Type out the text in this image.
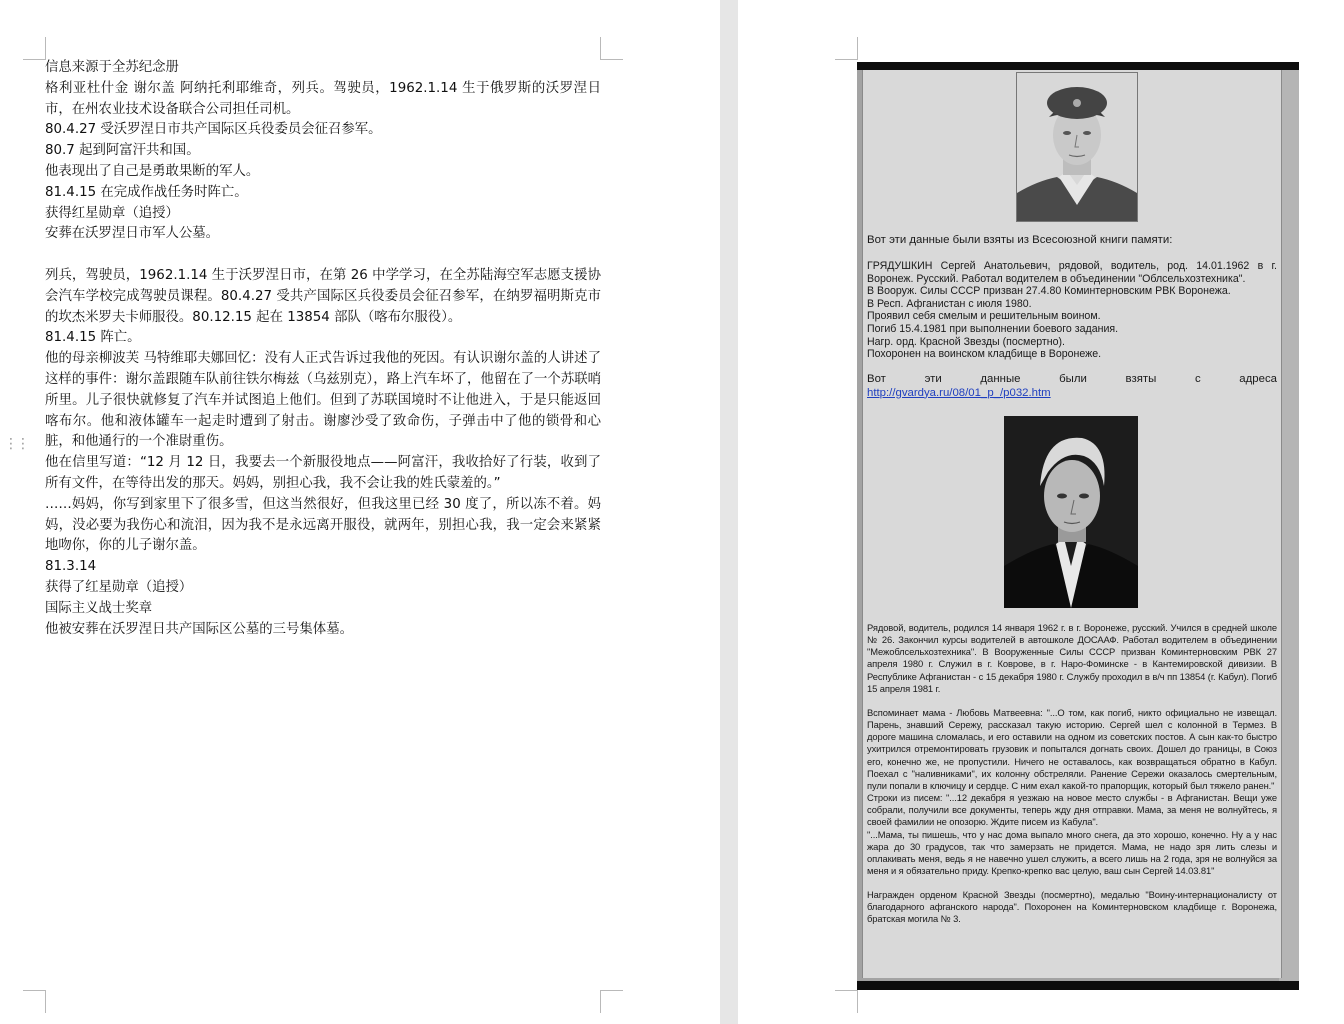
⋮⋮

信息来源于全苏纪念册

格利亚杜什金 谢尔盖 阿纳托利耶维奇，列兵。驾驶员，1962.1.14 生于俄罗斯的沃罗涅日市，在州农业技术设备联合公司担任司机。

80.4.27 受沃罗涅日市共产国际区兵役委员会征召参军。

80.7 起到阿富汗共和国。

他表现出了自己是勇敢果断的军人。

81.4.15 在完成作战任务时阵亡。

获得红星勋章（追授）

安葬在沃罗涅日市军人公墓。

列兵，驾驶员，1962.1.14 生于沃罗涅日市，在第 26 中学学习，在全苏陆海空军志愿支援协会汽车学校完成驾驶员课程。80.4.27 受共产国际区兵役委员会征召参军，在纳罗福明斯克市的坎杰米罗夫卡师服役。80.12.15 起在 13854 部队（喀布尔服役）。

81.4.15 阵亡。

他的母亲柳波芙 马特维耶夫娜回忆：没有人正式告诉过我他的死因。有认识谢尔盖的人讲述了这样的事件：谢尔盖跟随车队前往铁尔梅兹（乌兹别克），路上汽车坏了，他留在了一个苏联哨所里。儿子很快就修复了汽车并试图追上他们。但到了苏联国境时不让他进入，于是只能返回喀布尔。他和液体罐车一起走时遭到了射击。谢廖沙受了致命伤，子弹击中了他的锁骨和心脏，和他通行的一个准尉重伤。

他在信里写道：“12 月 12 日，我要去一个新服役地点——阿富汗，我收拾好了行装，收到了所有文件，在等待出发的那天。妈妈，别担心我，我不会让我的姓氏蒙羞的。”

……妈妈，你写到家里下了很多雪，但这当然很好，但我这里已经 30 度了，所以冻不着。妈妈，没必要为我伤心和流泪，因为我不是永远离开服役，就两年，别担心我，我一定会来紧紧地吻你，你的儿子谢尔盖。

81.3.14

获得了红星勋章（追授）

国际主义战士奖章

他被安葬在沃罗涅日共产国际区公墓的三号集体墓。

Вот эти данные были взяты из Всесоюзной книги памяти:

ГРЯДУШКИН Сергей Анатольевич, рядовой, водитель, род. 14.01.1962 в г. Воронеж. Русский. Работал водителем в объединении "Облсельхозтехника".

В Вооруж. Силы СССР призван 27.4.80 Коминтерновским РВК Воронежа.

В Респ. Афганистан с июля 1980.

Проявил себя смелым и решительным воином.

Погиб 15.4.1981 при выполнении боевого задания.

Нагр. орд. Красной Звезды (посмертно).

Похоронен на воинском кладбище в Воронеже.

Вот эти данные были взяты с адреса

http://gvardya.ru/08/01_p_/p032.htm

Рядовой, водитель, родился 14 января 1962 г. в г. Воронеже, русский. Учился в средней школе № 26. Закончил курсы водителей в автошколе ДОСААФ. Работал водителем в объединении "Межоблсельхозтехника". В Вооруженные Силы СССР призван Коминтерновским РВК 27 апреля 1980 г. Служил в г. Коврове, в г. Наро-Фоминске - в Кантемировской дивизии. В Республике Афганистан - с 15 декабря 1980 г. Службу проходил в в/ч пп 13854 (г. Кабул). Погиб 15 апреля 1981 г.

Вспоминает мама - Любовь Матвеевна: "...О том, как погиб, никто официально не извещал. Парень, знавший Сережу, рассказал такую историю. Сергей шел с колонной в Термез. В дороге машина сломалась, и его оставили на одном из советских постов. А сын как-то быстро ухитрился отремонтировать грузовик и попытался догнать своих. Дошел до границы, в Союз его, конечно же, не пропустили. Ничего не оставалось, как возвращаться обратно в Кабул. Поехал с "наливниками", их колонну обстреляли. Ранение Сережи оказалось смертельным, пули попали в ключицу и сердце. С ним ехал какой-то прапорщик, который был тяжело ранен."

Строки из писем: "...12 декабря я уезжаю на новое место службы - в Афганистан. Вещи уже собрали, получили все документы, теперь жду дня отправки. Мама, за меня не волнуйтесь, я своей фамилии не опозорю. Ждите писем из Кабула".

"...Мама, ты пишешь, что у нас дома выпало много снега, да это хорошо, конечно. Ну а у нас жара до 30 градусов, так что замерзать не придется. Мама, не надо зря лить слезы и оплакивать меня, ведь я не навечно ушел служить, а всего лишь на 2 года, зря не волнуйся за меня и я обязательно приду. Крепко-крепко вас целую, ваш сын Сергей 14.03.81"

Награжден орденом Красной Звезды (посмертно), медалью "Воину-интернационалисту от благодарного афганского народа". Похоронен на Коминтерновском кладбище г. Воронежа, братская могила № 3.
